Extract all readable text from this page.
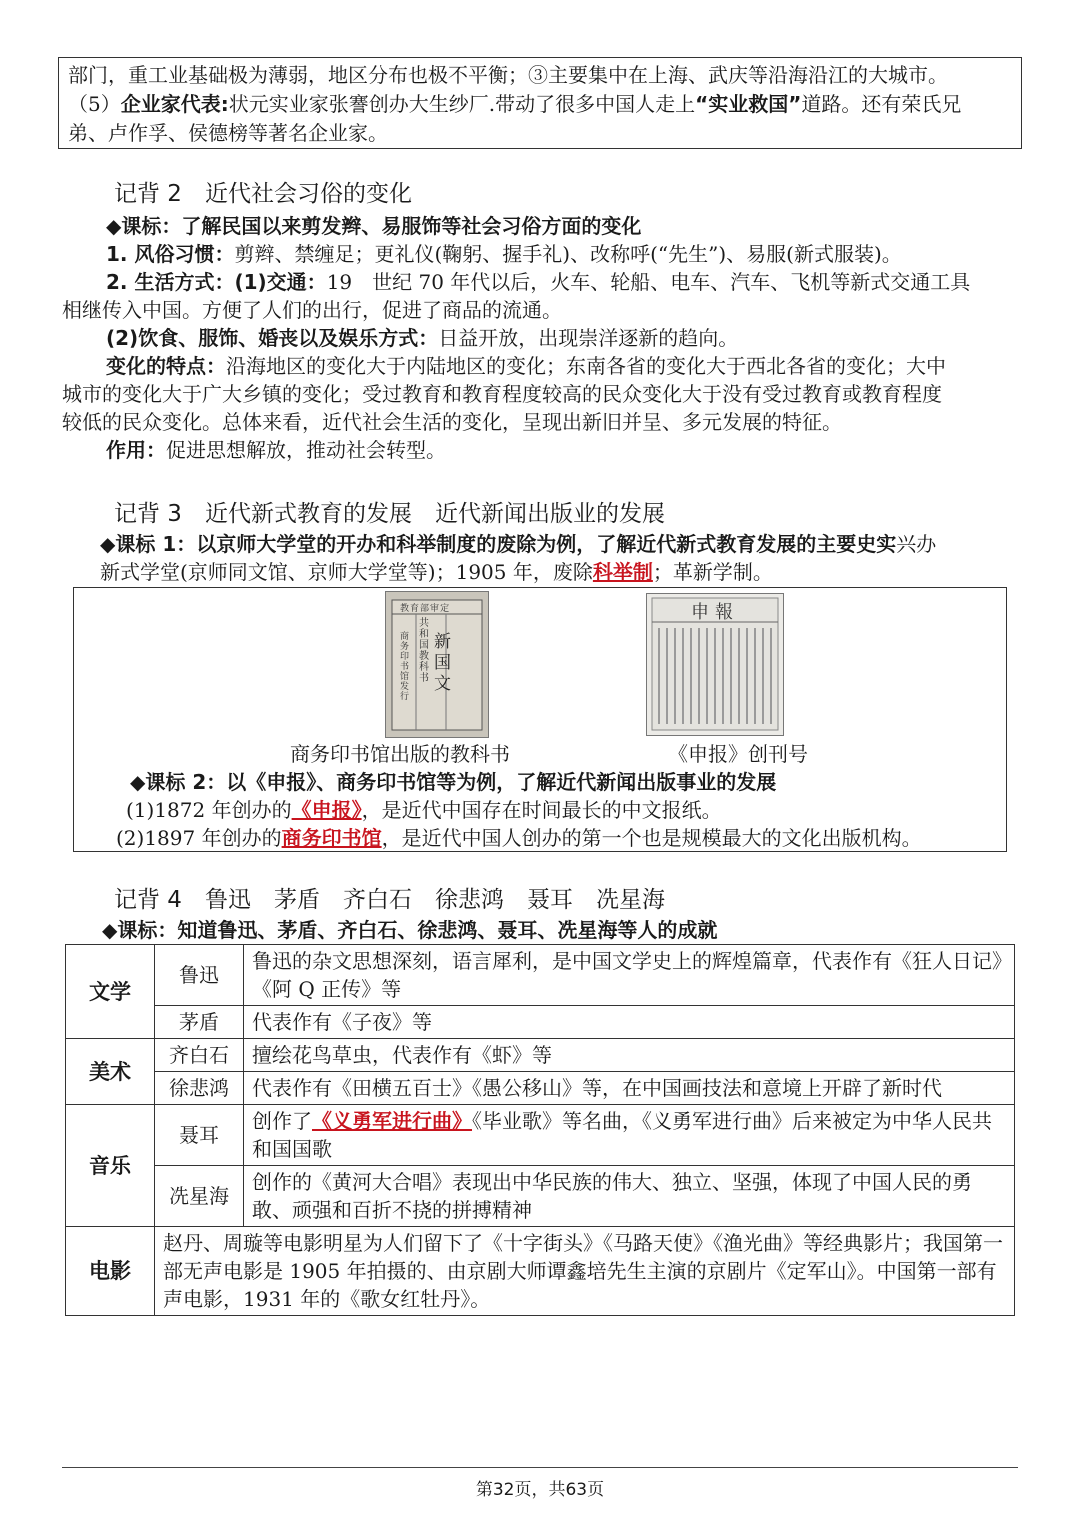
部门，重工业基础极为薄弱，地区分布也极不平衡；③主要集中在上海、武庆等沿海沿江的大城市。
（5）企业家代表:状元实业家张謇创办大生纱厂.带动了很多中国人走上“实业救国”道路。还有荣氏兄
弟、卢作孚、侯德榜等著名企业家。
记背 2　近代社会习俗的变化
◆课标：了解民国以来剪发辫、易服饰等社会习俗方面的变化
1. 风俗习惯：剪辫、禁缠足；更礼仪(鞠躬、握手礼)、改称呼(“先生”)、易服(新式服装)。
2. 生活方式：(1)交通：19　世纪 70 年代以后，火车、轮船、电车、汽车、飞机等新式交通工具
相继传入中国。方便了人们的出行，促进了商品的流通。
(2)饮食、服饰、婚丧以及娱乐方式：日益开放，出现崇洋逐新的趋向。
变化的特点：沿海地区的变化大于内陆地区的变化；东南各省的变化大于西北各省的变化；大中
城市的变化大于广大乡镇的变化；受过教育和教育程度较高的民众变化大于没有受过教育或教育程度
较低的民众变化。总体来看，近代社会生活的变化，呈现出新旧并呈、多元发展的特征。
作用：促进思想解放，推动社会转型。
记背 3　近代新式教育的发展　近代新闻出版业的发展
◆课标 1：以京师大学堂的开办和科举制度的废除为例，了解近代新式教育发展的主要史实兴办
新式学堂(京师同文馆、京师大学堂等)；1905 年，废除科举制；革新学制。
教育部审定
共和国教科书
新国文
商务印书馆发行
申報
商务印书馆出版的教科书	《申报》创刊号
◆课标 2：以《申报》、商务印书馆等为例，了解近代新闻出版事业的发展
(1)1872 年创办的《申报》，是近代中国存在时间最长的中文报纸。
(2)1897 年创办的商务印书馆，是近代中国人创办的第一个也是规模最大的文化出版机构。
记背 4　鲁迅　茅盾　齐白石　徐悲鸿　聂耳　冼星海
◆课标：知道鲁迅、茅盾、齐白石、徐悲鸿、聂耳、冼星海等人的成就
文学	鲁迅	鲁迅的杂文思想深刻，语言犀利，是中国文学史上的辉煌篇章，代表作有《狂人日记》《阿 Q 正传》等
	茅盾	代表作有《子夜》等
美术	齐白石	擅绘花鸟草虫，代表作有《虾》等
	徐悲鸿	代表作有《田横五百士》《愚公移山》等，在中国画技法和意境上开辟了新时代
音乐	聂耳	创作了《义勇军进行曲》《毕业歌》等名曲，《义勇军进行曲》后来被定为中华人民共和国国歌
	冼星海	创作的《黄河大合唱》表现出中华民族的伟大、独立、坚强，体现了中国人民的勇敢、顽强和百折不挠的拼搏精神
电影	赵丹、周璇等电影明星为人们留下了《十字街头》《马路天使》《渔光曲》等经典影片；我国第一部无声电影是 1905 年拍摄的、由京剧大师谭鑫培先生主演的京剧片《定军山》。中国第一部有声电影，1931 年的《歌女红牡丹》。	
第32页，共63页
